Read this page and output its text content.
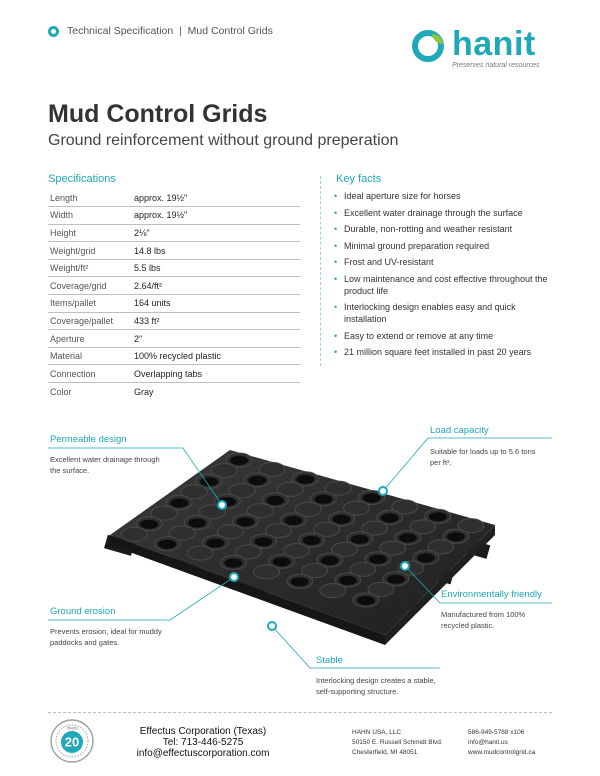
Technical Specification  |  Mud Control Grids	hanit
Preserves natural resources
Mud Control Grids
Ground reinforcement without ground preperation
Specifications
Length	approx. 19½"
Width	approx. 19½"
Height	2⅛"
Weight/grid	14.8 lbs
Weight/ft²	5.5 lbs
Coverage/grid	2.64/ft²
Items/pallet	164 units
Coverage/pallet	433 ft²
Aperture	2"
Material	100% recycled plastic
Connection	Overlapping tabs
Color	Gray
Key facts
• Ideal aperture size for horses
• Excellent water drainage through the surface
• Durable, non-rotting and weather resistant
• Minimal ground preparation required
• Frost and UV-resistant
• Low maintenance and cost effective throughout the product life
• Interlocking design enables easy and quick installation
• Easy to extend or remove at any time
• 21 million square feet installed in past 20 years
Permeable design
Excellent water drainage through
the surface.
Load capacity
Suitable for loads up to 5.6 tons
per ft².
Ground erosion
Prevents erosion, ideal for muddy
paddocks and gates.
Environmentally friendly
Manufactured from 100%
recycled plastic.
Stable
Interlocking design creates a stable,
self-supporting structure.
Years
20
Effectus Corporation (Texas)
Tel: 713-446-5275
info@effectuscorporation.com
HAHN USA, LLC
50150 E. Russell Schmidt Blvd.
Chesterfield, MI 48051
586-949-5788 x106
info@hanit.us
www.mudcontrolgrid.ca
